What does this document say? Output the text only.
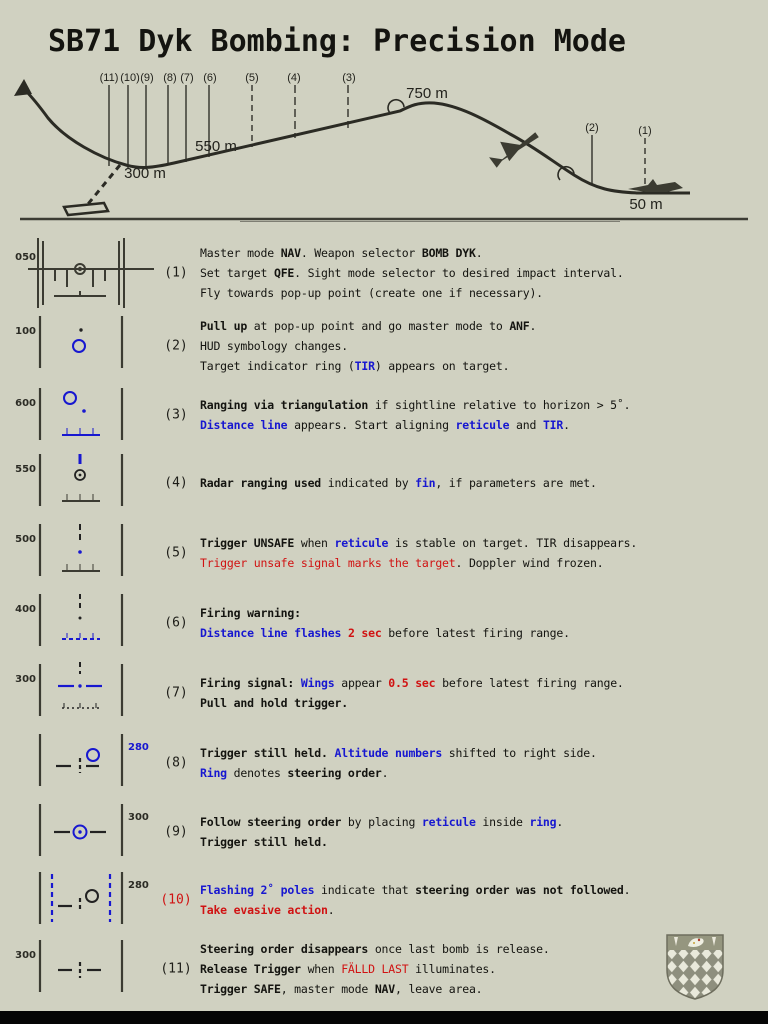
SB71 Dyk Bombing: Precision Mode
(11) (10) (9) (8) (7) (6)	(5)	(4)	(3)
(2)	(1)
750 m
550 m
300 m
50 m
050
(1)
Master mode NAV. Weapon selector BOMB DYK.
Set target QFE. Sight mode selector to desired impact interval.
Fly towards pop-up point (create one if necessary).
100
(2)
Pull up at pop-up point and go master mode to ANF.
HUD symbology changes.
Target indicator ring (TIR) appears on target.
600
(3)
Ranging via triangulation if sightline relative to horizon > 5˚.
Distance line appears. Start aligning reticule and TIR.
550
(4)	Radar ranging used indicated by fin, if parameters are met.
500
(5)
Trigger UNSAFE when reticule is stable on target. TIR disappears.
Trigger unsafe signal marks the target. Doppler wind frozen.
400
(6)
Firing warning:
Distance line flashes 2 sec before latest firing range.
300
(7)
Firing signal: Wings appear 0.5 sec before latest firing range.
Pull and hold trigger.
280
(8)
Trigger still held. Altitude numbers shifted to right side.
Ring denotes steering order.
300
(9)
Follow steering order by placing reticule inside ring.
Trigger still held.
280
(10)
Flashing 2˚ poles indicate that steering order was not followed.
Take evasive action.
300
(11)
Steering order disappears once last bomb is release.
Release Trigger when FÄLLD LAST illuminates.
Trigger SAFE, master mode NAV, leave area.
